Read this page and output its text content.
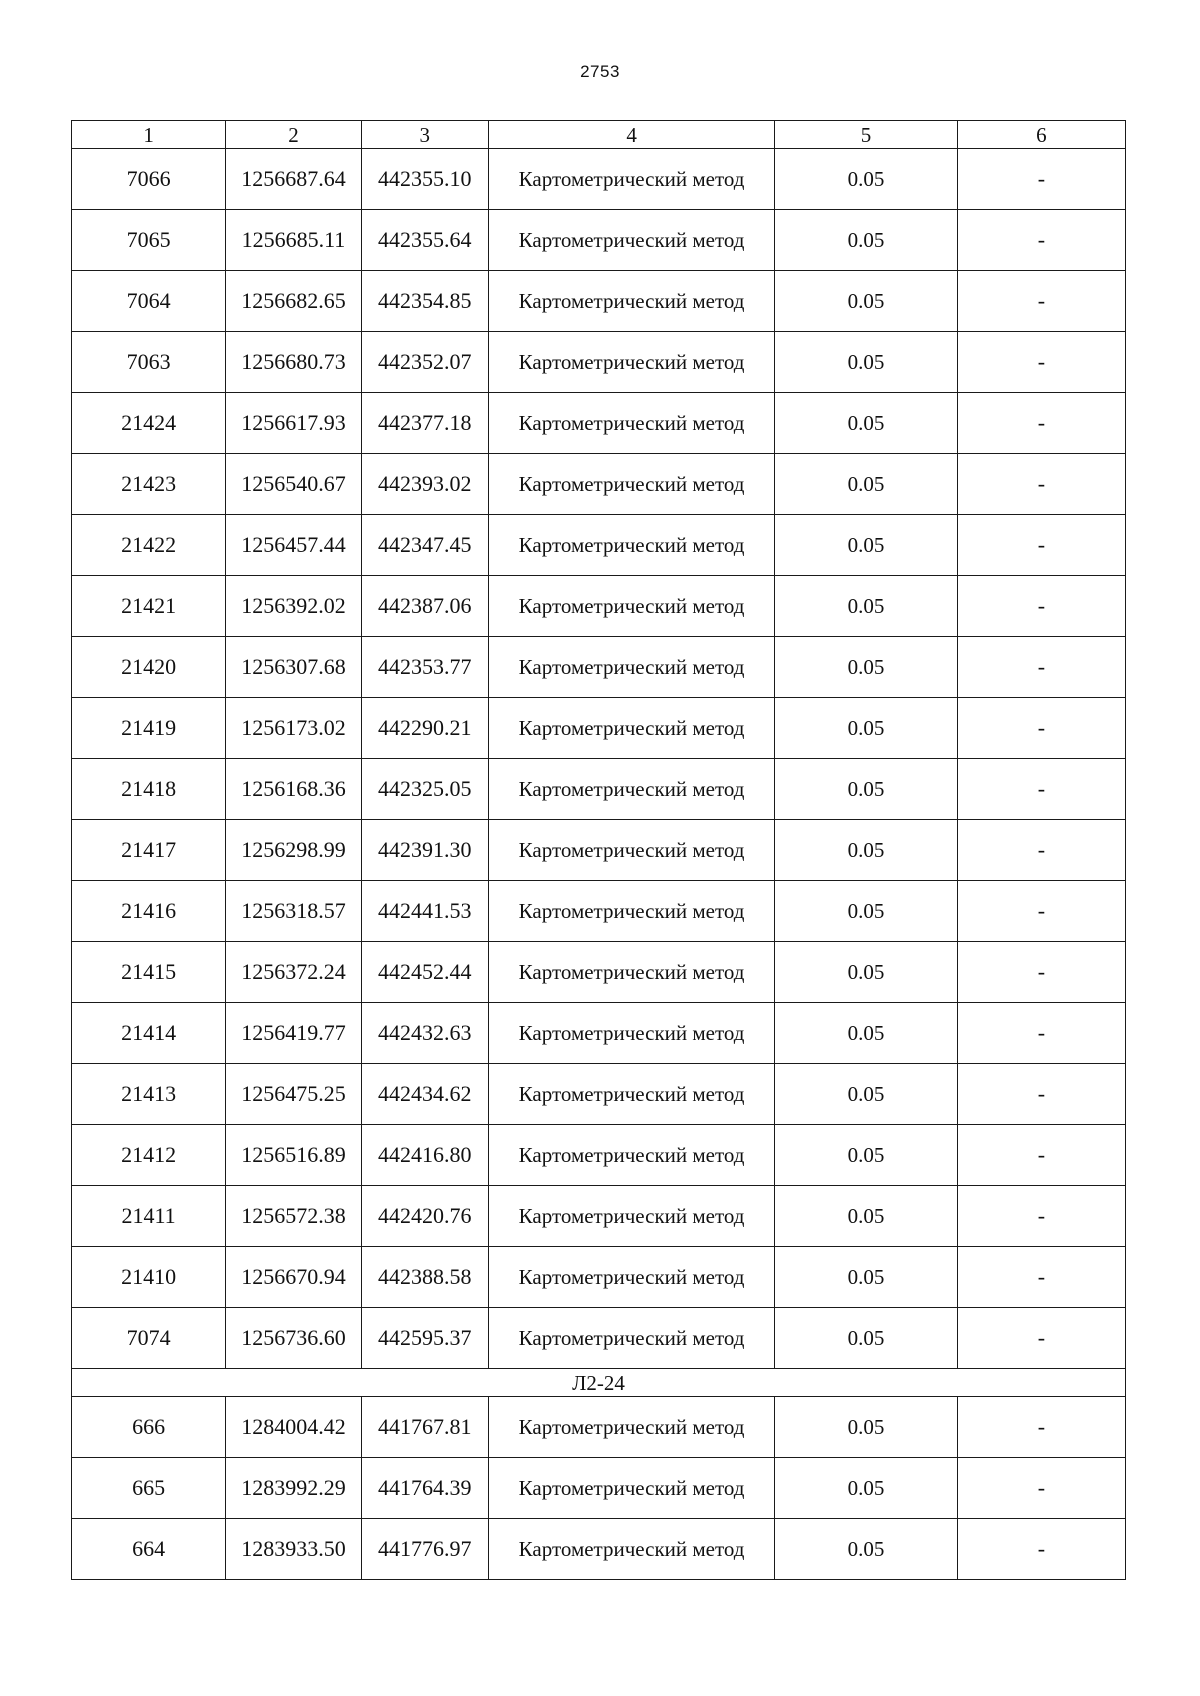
2753
1	2	3	4	5	6
7066	1256687.64	442355.10	Картометрический метод	0.05	-
7065	1256685.11	442355.64	Картометрический метод	0.05	-
7064	1256682.65	442354.85	Картометрический метод	0.05	-
7063	1256680.73	442352.07	Картометрический метод	0.05	-
21424	1256617.93	442377.18	Картометрический метод	0.05	-
21423	1256540.67	442393.02	Картометрический метод	0.05	-
21422	1256457.44	442347.45	Картометрический метод	0.05	-
21421	1256392.02	442387.06	Картометрический метод	0.05	-
21420	1256307.68	442353.77	Картометрический метод	0.05	-
21419	1256173.02	442290.21	Картометрический метод	0.05	-
21418	1256168.36	442325.05	Картометрический метод	0.05	-
21417	1256298.99	442391.30	Картометрический метод	0.05	-
21416	1256318.57	442441.53	Картометрический метод	0.05	-
21415	1256372.24	442452.44	Картометрический метод	0.05	-
21414	1256419.77	442432.63	Картометрический метод	0.05	-
21413	1256475.25	442434.62	Картометрический метод	0.05	-
21412	1256516.89	442416.80	Картометрический метод	0.05	-
21411	1256572.38	442420.76	Картометрический метод	0.05	-
21410	1256670.94	442388.58	Картометрический метод	0.05	-
7074	1256736.60	442595.37	Картометрический метод	0.05	-
Л2-24					
666	1284004.42	441767.81	Картометрический метод	0.05	-
665	1283992.29	441764.39	Картометрический метод	0.05	-
664	1283933.50	441776.97	Картометрический метод	0.05	-
